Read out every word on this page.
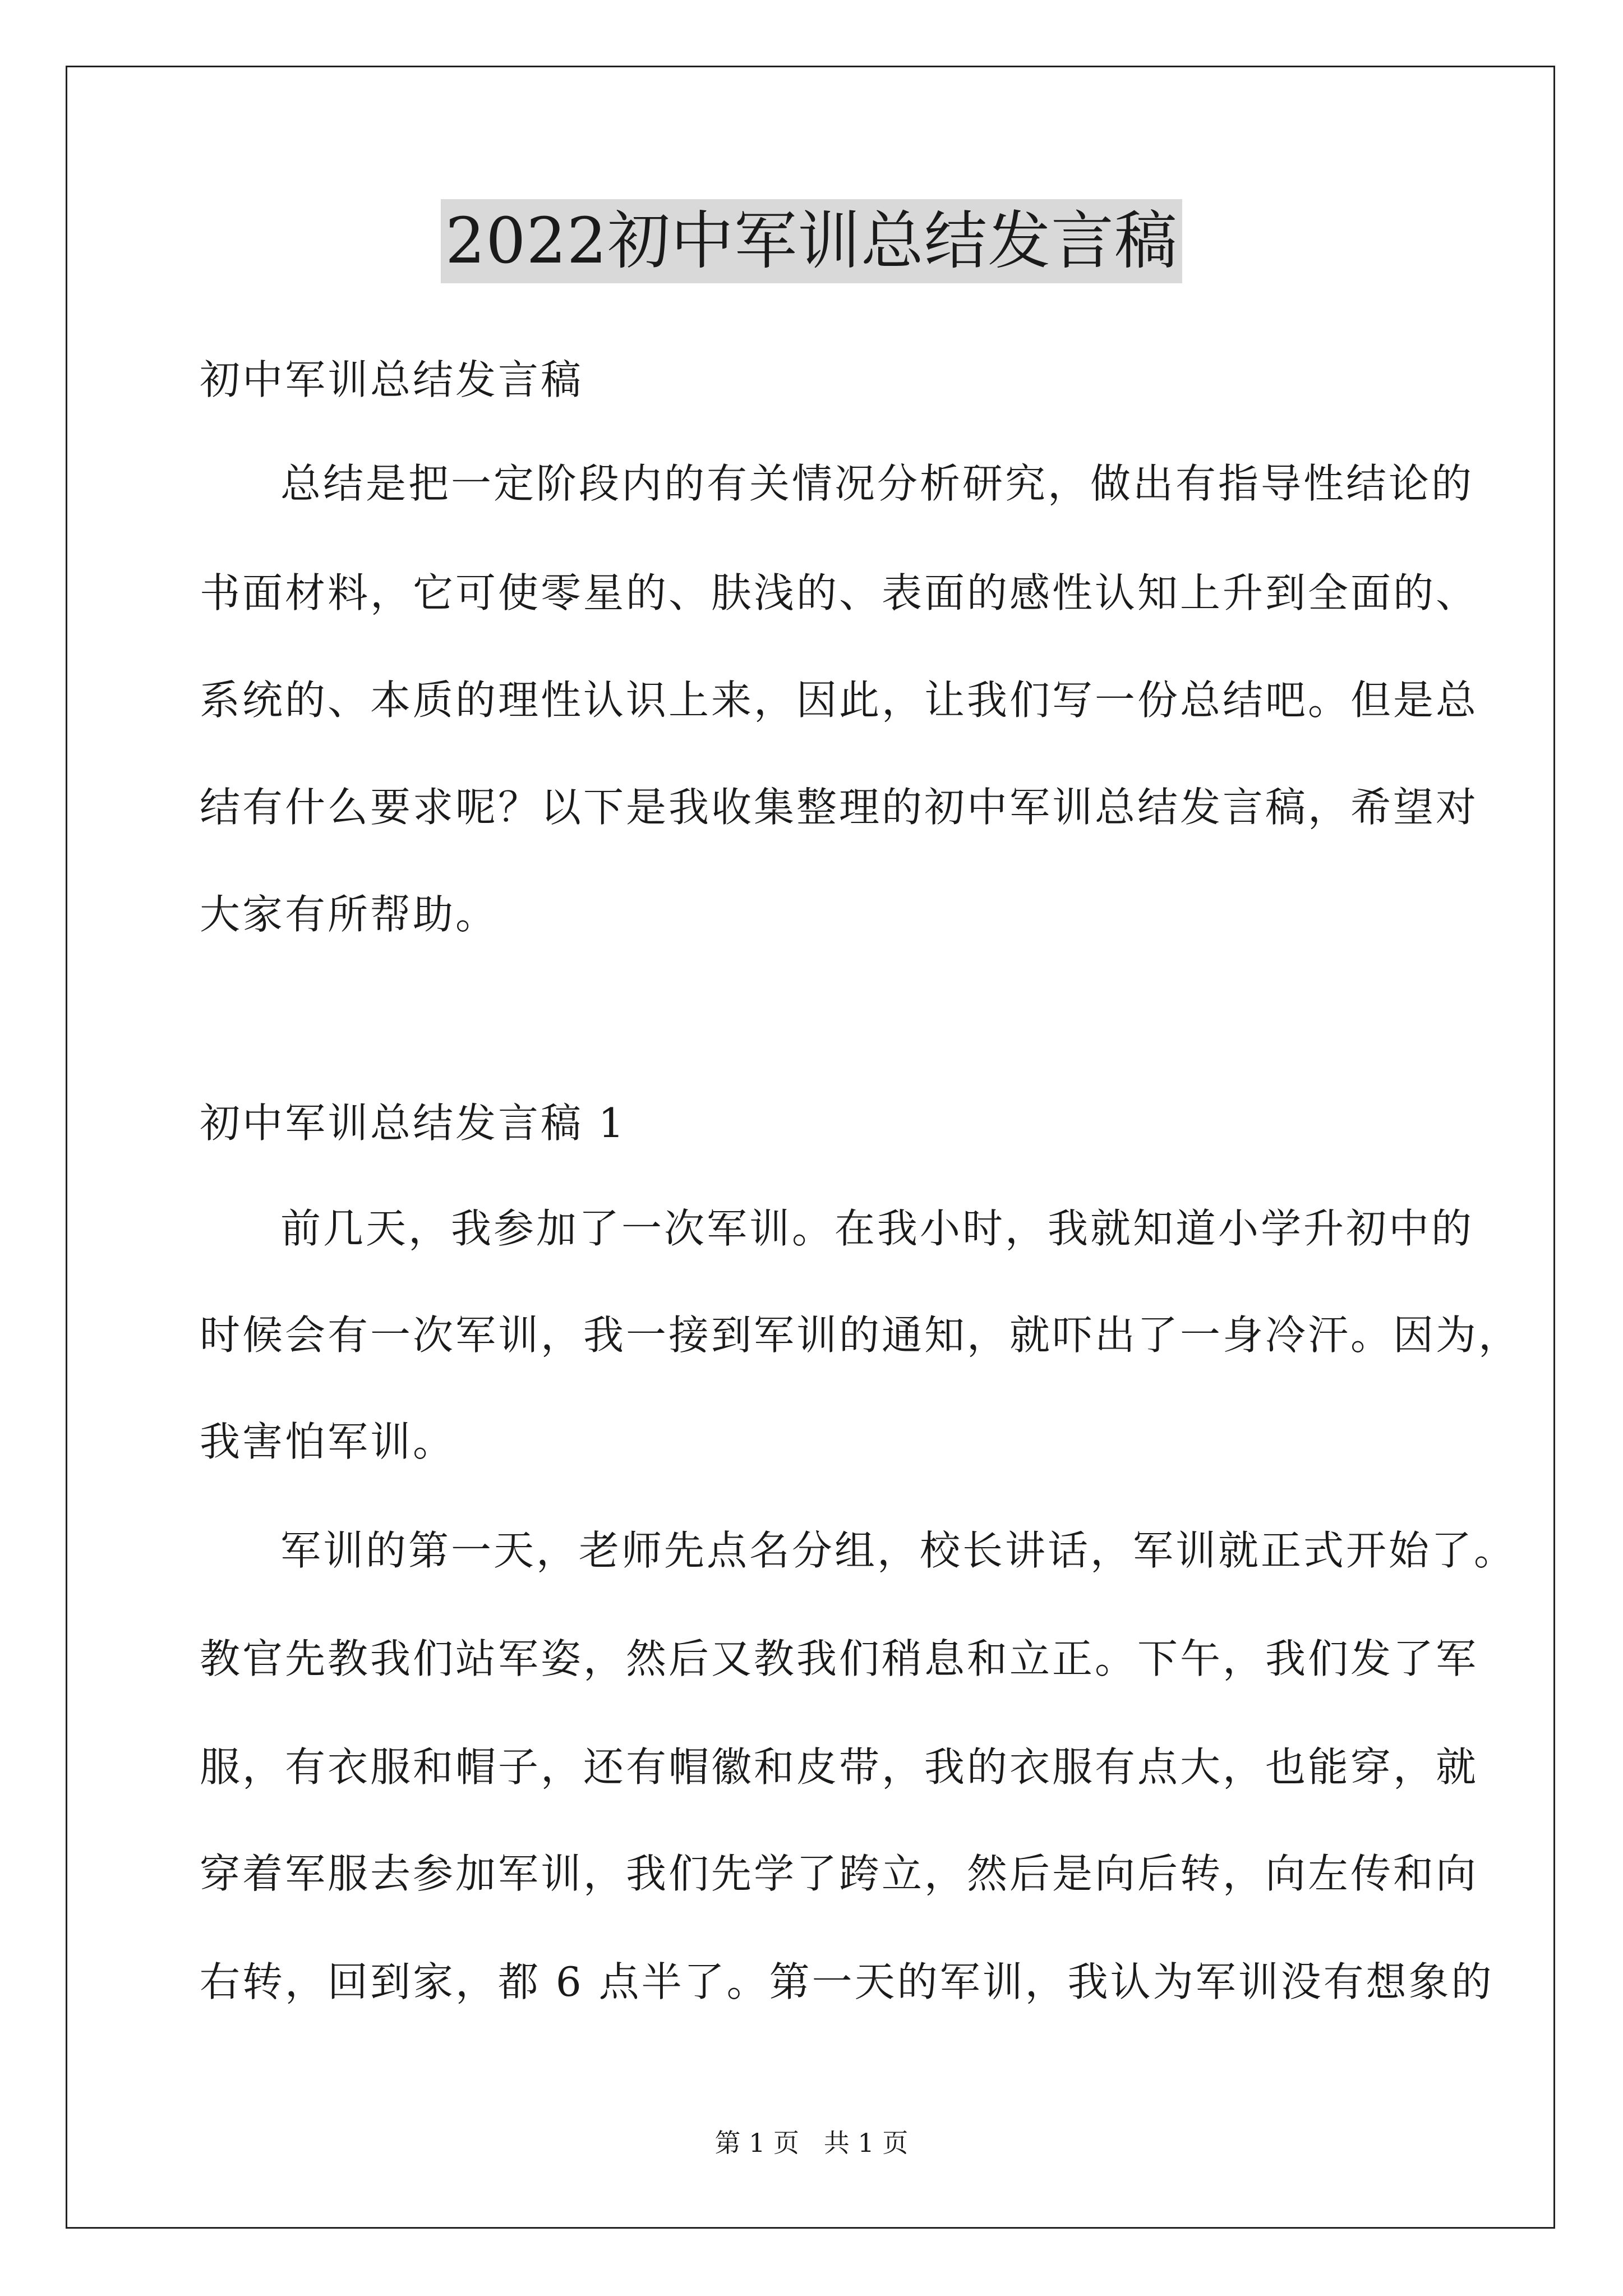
2022初中军训总结发言稿
初中军训总结发言稿
总结是把一定阶段内的有关情况分析研究，做出有指导性结论的
书面材料，它可使零星的、肤浅的、表面的感性认知上升到全面的、
系统的、本质的理性认识上来，因此，让我们写一份总结吧。但是总
结有什么要求呢？以下是我收集整理的初中军训总结发言稿，希望对
大家有所帮助。
初中军训总结发言稿 1
前几天，我参加了一次军训。在我小时，我就知道小学升初中的
时候会有一次军训，我一接到军训的通知，就吓出了一身冷汗。因为，
我害怕军训。
军训的第一天，老师先点名分组，校长讲话，军训就正式开始了。
教官先教我们站军姿，然后又教我们稍息和立正。下午，我们发了军
服，有衣服和帽子，还有帽徽和皮带，我的衣服有点大，也能穿，就
穿着军服去参加军训，我们先学了跨立，然后是向后转，向左传和向
右转，回到家，都 6 点半了。第一天的军训，我认为军训没有想象的
第 1 页   共 1 页
